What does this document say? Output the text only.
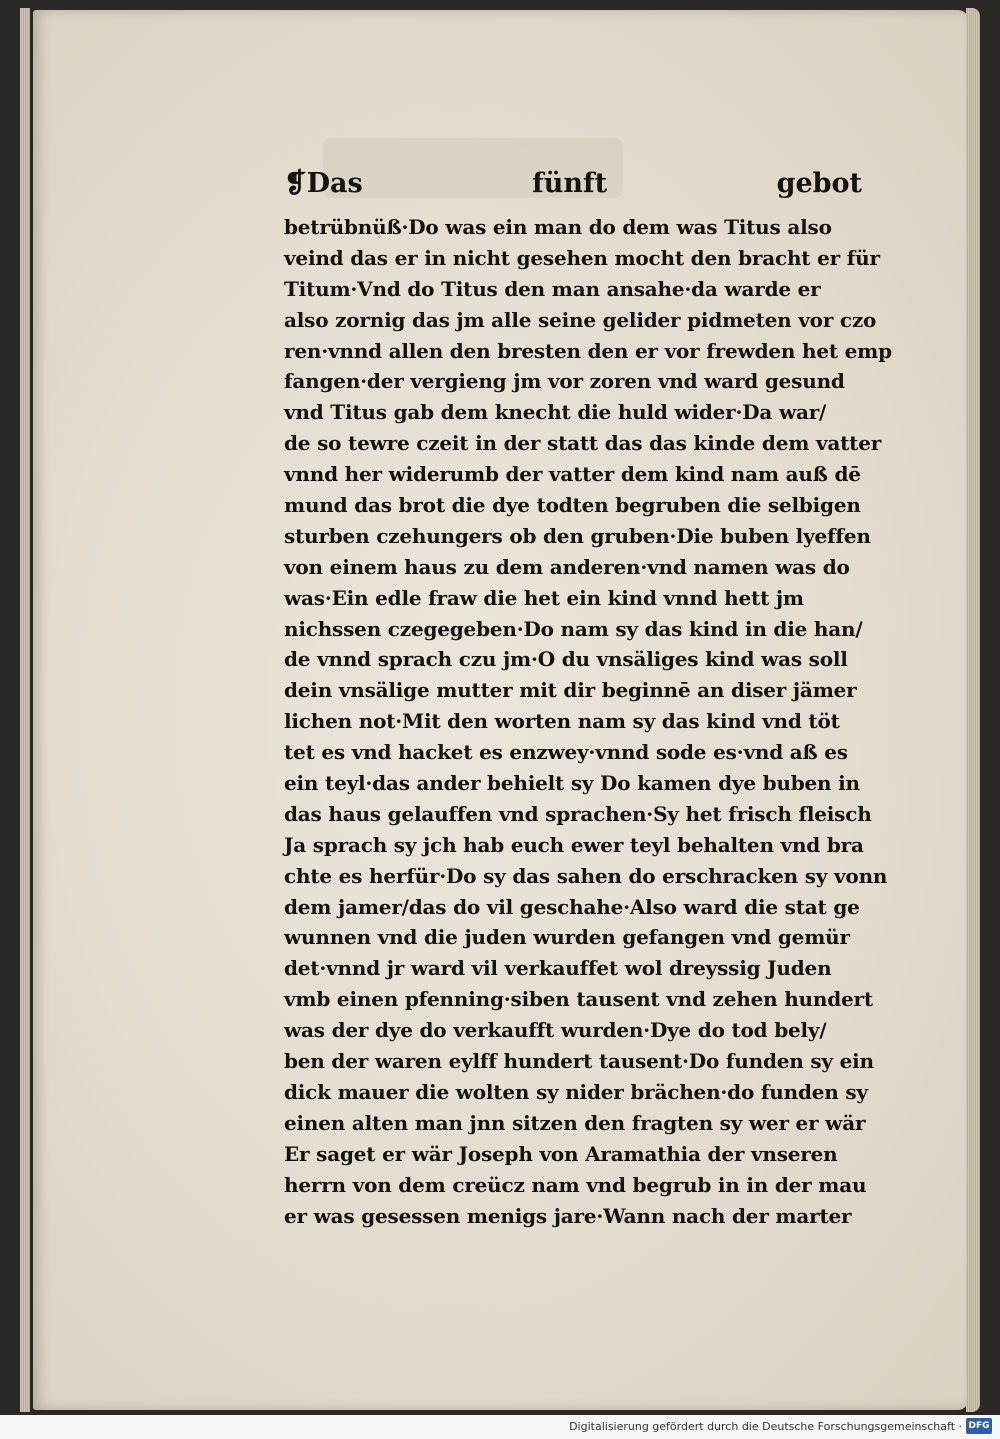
❡Das	fünft	gebot
betrübnüß·Do was ein man do dem was Titus also
veind das er in nicht gesehen mocht den bracht er für
Titum·Vnd do Titus den man ansahe·da warde er
also zornig das jm alle seine gelider pidmeten vor czo
ren·vnnd allen den bresten den er vor frewden het emp
fangen·der vergieng jm vor zoren vnd ward gesund
vnd Titus gab dem knecht die huld wider·Da war/
de so tewre czeit in der statt das das kinde dem vatter
vnnd her widerumb der vatter dem kind nam auß dē
mund das brot die dye todten begruben die selbigen
sturben czehungers ob den gruben·Die buben lyeffen
von einem haus zu dem anderen·vnd namen was do
was·Ein edle fraw die het ein kind vnnd hett jm
nichssen czegegeben·Do nam sy das kind in die han/
de vnnd sprach czu jm·O du vnsäliges kind was soll
dein vnsälige mutter mit dir beginnē an diser jämer
lichen not·Mit den worten nam sy das kind vnd töt
tet es vnd hacket es enzwey·vnnd sode es·vnd aß es
ein teyl·das ander behielt sy Do kamen dye buben in
das haus gelauffen vnd sprachen·Sy het frisch fleisch
Ja sprach sy jch hab euch ewer teyl behalten vnd bra
chte es herfür·Do sy das sahen do erschracken sy vonn
dem jamer/das do vil geschahe·Also ward die stat ge
wunnen vnd die juden wurden gefangen vnd gemür
det·vnnd jr ward vil verkauffet wol dreyssig Juden
vmb einen pfenning·siben tausent vnd zehen hundert
was der dye do verkaufft wurden·Dye do tod bely/
ben der waren eylff hundert tausent·Do funden sy ein
dick mauer die wolten sy nider brächen·do funden sy
einen alten man jnn sitzen den fragten sy wer er wär
Er saget er wär Joseph von Aramathia der vnseren
herrn von dem creücz nam vnd begrub in in der mau
er was gesessen menigs jare·Wann nach der marter
Digitalisierung gefördert durch die Deutsche Forschungsgemeinschaft · DFG
